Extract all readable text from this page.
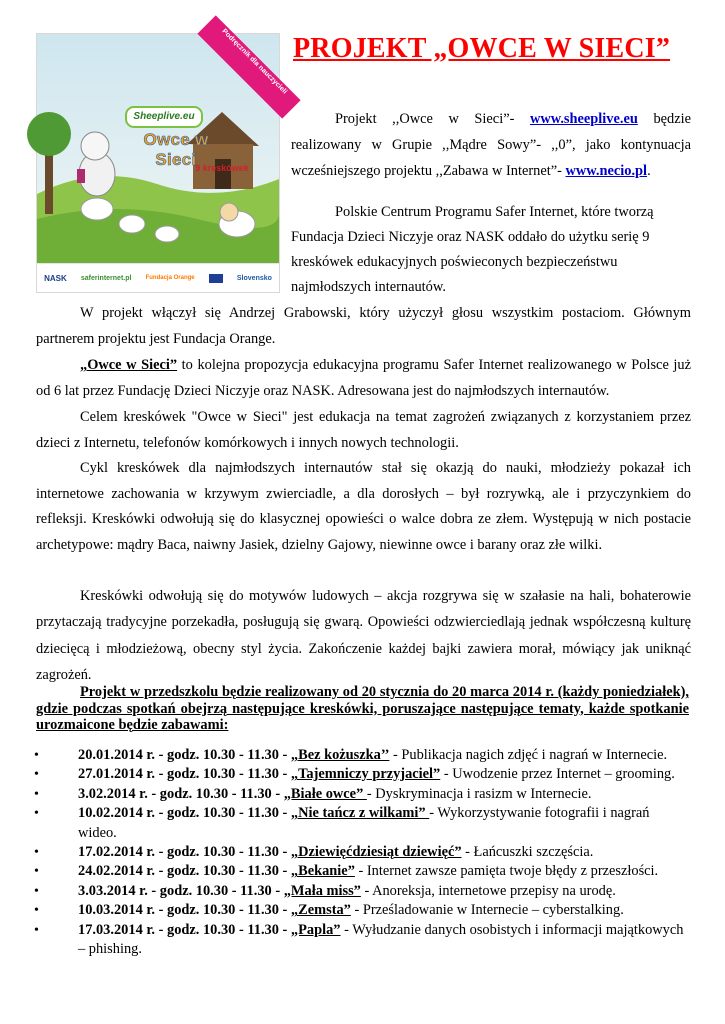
Podręcznik dla nauczycieli
Sheeplive.eu
Owce w Sieci
9 kreskówek
NASK saferinternet.pl Fundacja Orange	Slovensko
PROJEKT „OWCE W SIECI”

Projekt ,,Owce w Sieci”- www.sheeplive.eu będzie realizowany w Grupie ,,Mądre Sowy”- ,,0”, jako kontynuacja wcześniejszego projektu ,,Zabawa w Internet”- www.necio.pl.

Polskie Centrum Programu Safer Internet, które tworzą Fundacja Dzieci Niczyje oraz NASK oddało do użytku serię 9 kreskówek edukacyjnych poświeconych bezpieczeństwu najmłodszych internautów.

W projekt włączył się Andrzej Grabowski, który użyczył głosu wszystkim postaciom. Głównym partnerem projektu jest Fundacja Orange.

„Owce w Sieci” to kolejna propozycja edukacyjna programu Safer Internet realizowanego w Polsce już od 6 lat przez Fundację Dzieci Niczyje oraz NASK. Adresowana jest do najmłodszych internautów.

Celem kreskówek "Owce w Sieci" jest edukacja na temat zagrożeń związanych z korzystaniem przez dzieci z Internetu, telefonów komórkowych i innych nowych technologii.

Cykl kreskówek dla najmłodszych internautów stał się okazją do nauki, młodzieży pokazał ich internetowe zachowania w krzywym zwierciadle, a dla dorosłych – był rozrywką, ale i przyczynkiem do refleksji. Kreskówki odwołują się do klasycznej opowieści o walce dobra ze złem. Występują w nich postacie archetypowe: mądry Baca, naiwny Jasiek, dzielny Gajowy, niewinne owce i barany oraz złe wilki.

Kreskówki odwołują się do motywów ludowych – akcja rozgrywa się w szałasie na hali, bohaterowie przytaczają tradycyjne porzekadła, posługują się gwarą. Opowieści odzwierciedlają jednak współczesną kulturę dziecięcą i młodzieżową, obecny styl życia. Zakończenie każdej bajki zawiera morał, mówiący jak uniknąć zagrożeń.

Projekt w przedszkolu będzie realizowany od 20 stycznia do 20 marca 2014 r. (każdy poniedziałek), gdzie podczas spotkań obejrzą następujące kreskówki, poruszające następujące tematy, każde spotkanie urozmaicone będzie zabawami:

• 20.01.2014 r. - godz. 10.30 - 11.30 - „Bez kożuszka’’ - Publikacja nagich zdjęć i nagrań w Internecie.
• 27.01.2014 r. - godz. 10.30 - 11.30 - „Tajemniczy przyjaciel” - Uwodzenie przez Internet – grooming.
• 3.02.2014 r. - godz. 10.30 - 11.30 - „Białe owce” - Dyskryminacja i rasizm w Internecie.
• 10.02.2014 r. - godz. 10.30 - 11.30 - „Nie tańcz z wilkami” - Wykorzystywanie fotografii i nagrań wideo.
• 17.02.2014 r. - godz. 10.30 - 11.30 - „Dziewięćdziesiąt dziewięć” - Łańcuszki szczęścia.
• 24.02.2014 r. - godz. 10.30 - 11.30 - „Bekanie” - Internet zawsze pamięta twoje błędy z przeszłości.
• 3.03.2014 r. - godz. 10.30 - 11.30 - „Mała miss” - Anoreksja, internetowe przepisy na urodę.
• 10.03.2014 r. - godz. 10.30 - 11.30 - „Zemsta” - Prześladowanie w Internecie – cyberstalking.
• 17.03.2014 r. - godz. 10.30 - 11.30 - „Papla” - Wyłudzanie danych osobistych i informacji majątkowych – phishing.
